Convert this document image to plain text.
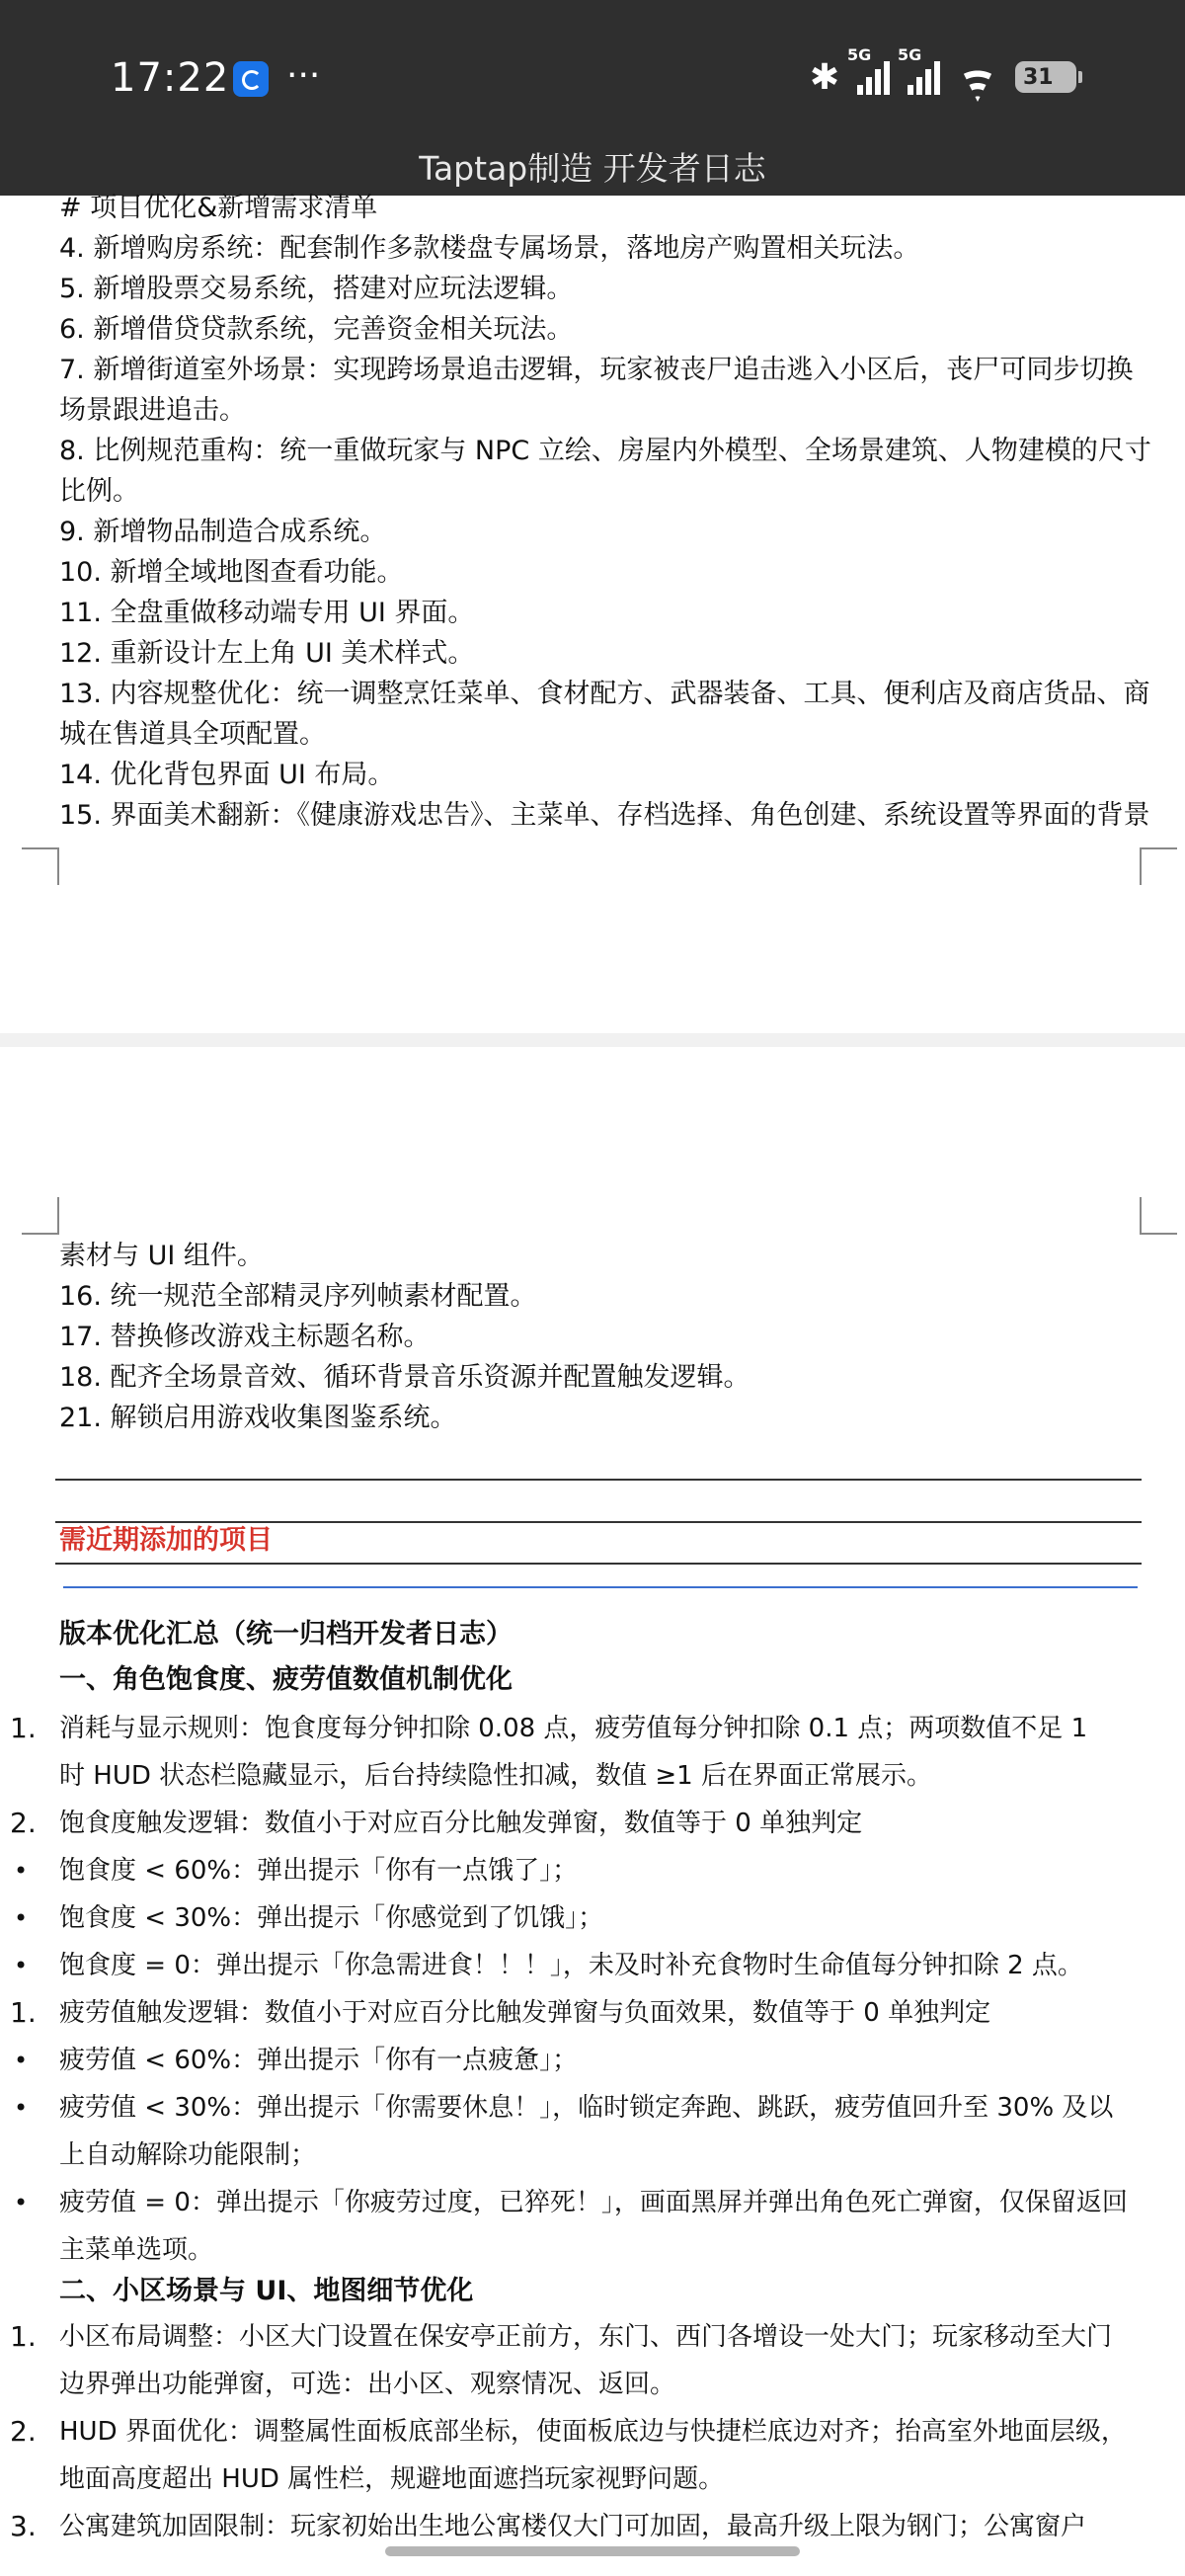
17:22 ···	✱
5G 5G
31
Taptap制造 开发者日志
# 项目优化&新增需求清单
4. 新增购房系统：配套制作多款楼盘专属场景，落地房产购置相关玩法。
5. 新增股票交易系统，搭建对应玩法逻辑。
6. 新增借贷贷款系统，完善资金相关玩法。
7. 新增街道室外场景：实现跨场景追击逻辑，玩家被丧尸追击逃入小区后，丧尸可同步切换
场景跟进追击。
8. 比例规范重构：统一重做玩家与 NPC 立绘、房屋内外模型、全场景建筑、人物建模的尺寸
比例。
9. 新增物品制造合成系统。
10. 新增全域地图查看功能。
11. 全盘重做移动端专用 UI 界面。
12. 重新设计左上角 UI 美术样式。
13. 内容规整优化：统一调整烹饪菜单、食材配方、武器装备、工具、便利店及商店货品、商
城在售道具全项配置。
14. 优化背包界面 UI 布局。
15. 界面美术翻新：《健康游戏忠告》、主菜单、存档选择、角色创建、系统设置等界面的背景
素材与 UI 组件。
16. 统一规范全部精灵序列帧素材配置。
17. 替换修改游戏主标题名称。
18. 配齐全场景音效、循环背景音乐资源并配置触发逻辑。
21. 解锁启用游戏收集图鉴系统。
需近期添加的项目
版本优化汇总（统一归档开发者日志）
一、角色饱食度、疲劳值数值机制优化
1. 消耗与显示规则：饱食度每分钟扣除 0.08 点，疲劳值每分钟扣除 0.1 点；两项数值不足 1
时 HUD 状态栏隐藏显示，后台持续隐性扣减，数值 ≥1 后在界面正常展示。
2. 饱食度触发逻辑：数值小于对应百分比触发弹窗，数值等于 0 单独判定
•	饱食度 < 60%：弹出提示「你有一点饿了」；
•	饱食度 < 30%：弹出提示「你感觉到了饥饿」；
•	饱食度 = 0：弹出提示「你急需进食！！！」，未及时补充食物时生命值每分钟扣除 2 点。
1. 疲劳值触发逻辑：数值小于对应百分比触发弹窗与负面效果，数值等于 0 单独判定
•	疲劳值 < 60%：弹出提示「你有一点疲惫」；
•	疲劳值 < 30%：弹出提示「你需要休息！」，临时锁定奔跑、跳跃，疲劳值回升至 30% 及以
上自动解除功能限制；
•	疲劳值 = 0：弹出提示「你疲劳过度，已猝死！」，画面黑屏并弹出角色死亡弹窗，仅保留返回
主菜单选项。
二、小区场景与 UI、地图细节优化
1. 小区布局调整：小区大门设置在保安亭正前方，东门、西门各增设一处大门；玩家移动至大门
边界弹出功能弹窗，可选：出小区、观察情况、返回。
2. HUD 界面优化：调整属性面板底部坐标，使面板底边与快捷栏底边对齐；抬高室外地面层级，
地面高度超出 HUD 属性栏，规避地面遮挡玩家视野问题。
3. 公寓建筑加固限制：玩家初始出生地公寓楼仅大门可加固，最高升级上限为钢门；公寓窗户
